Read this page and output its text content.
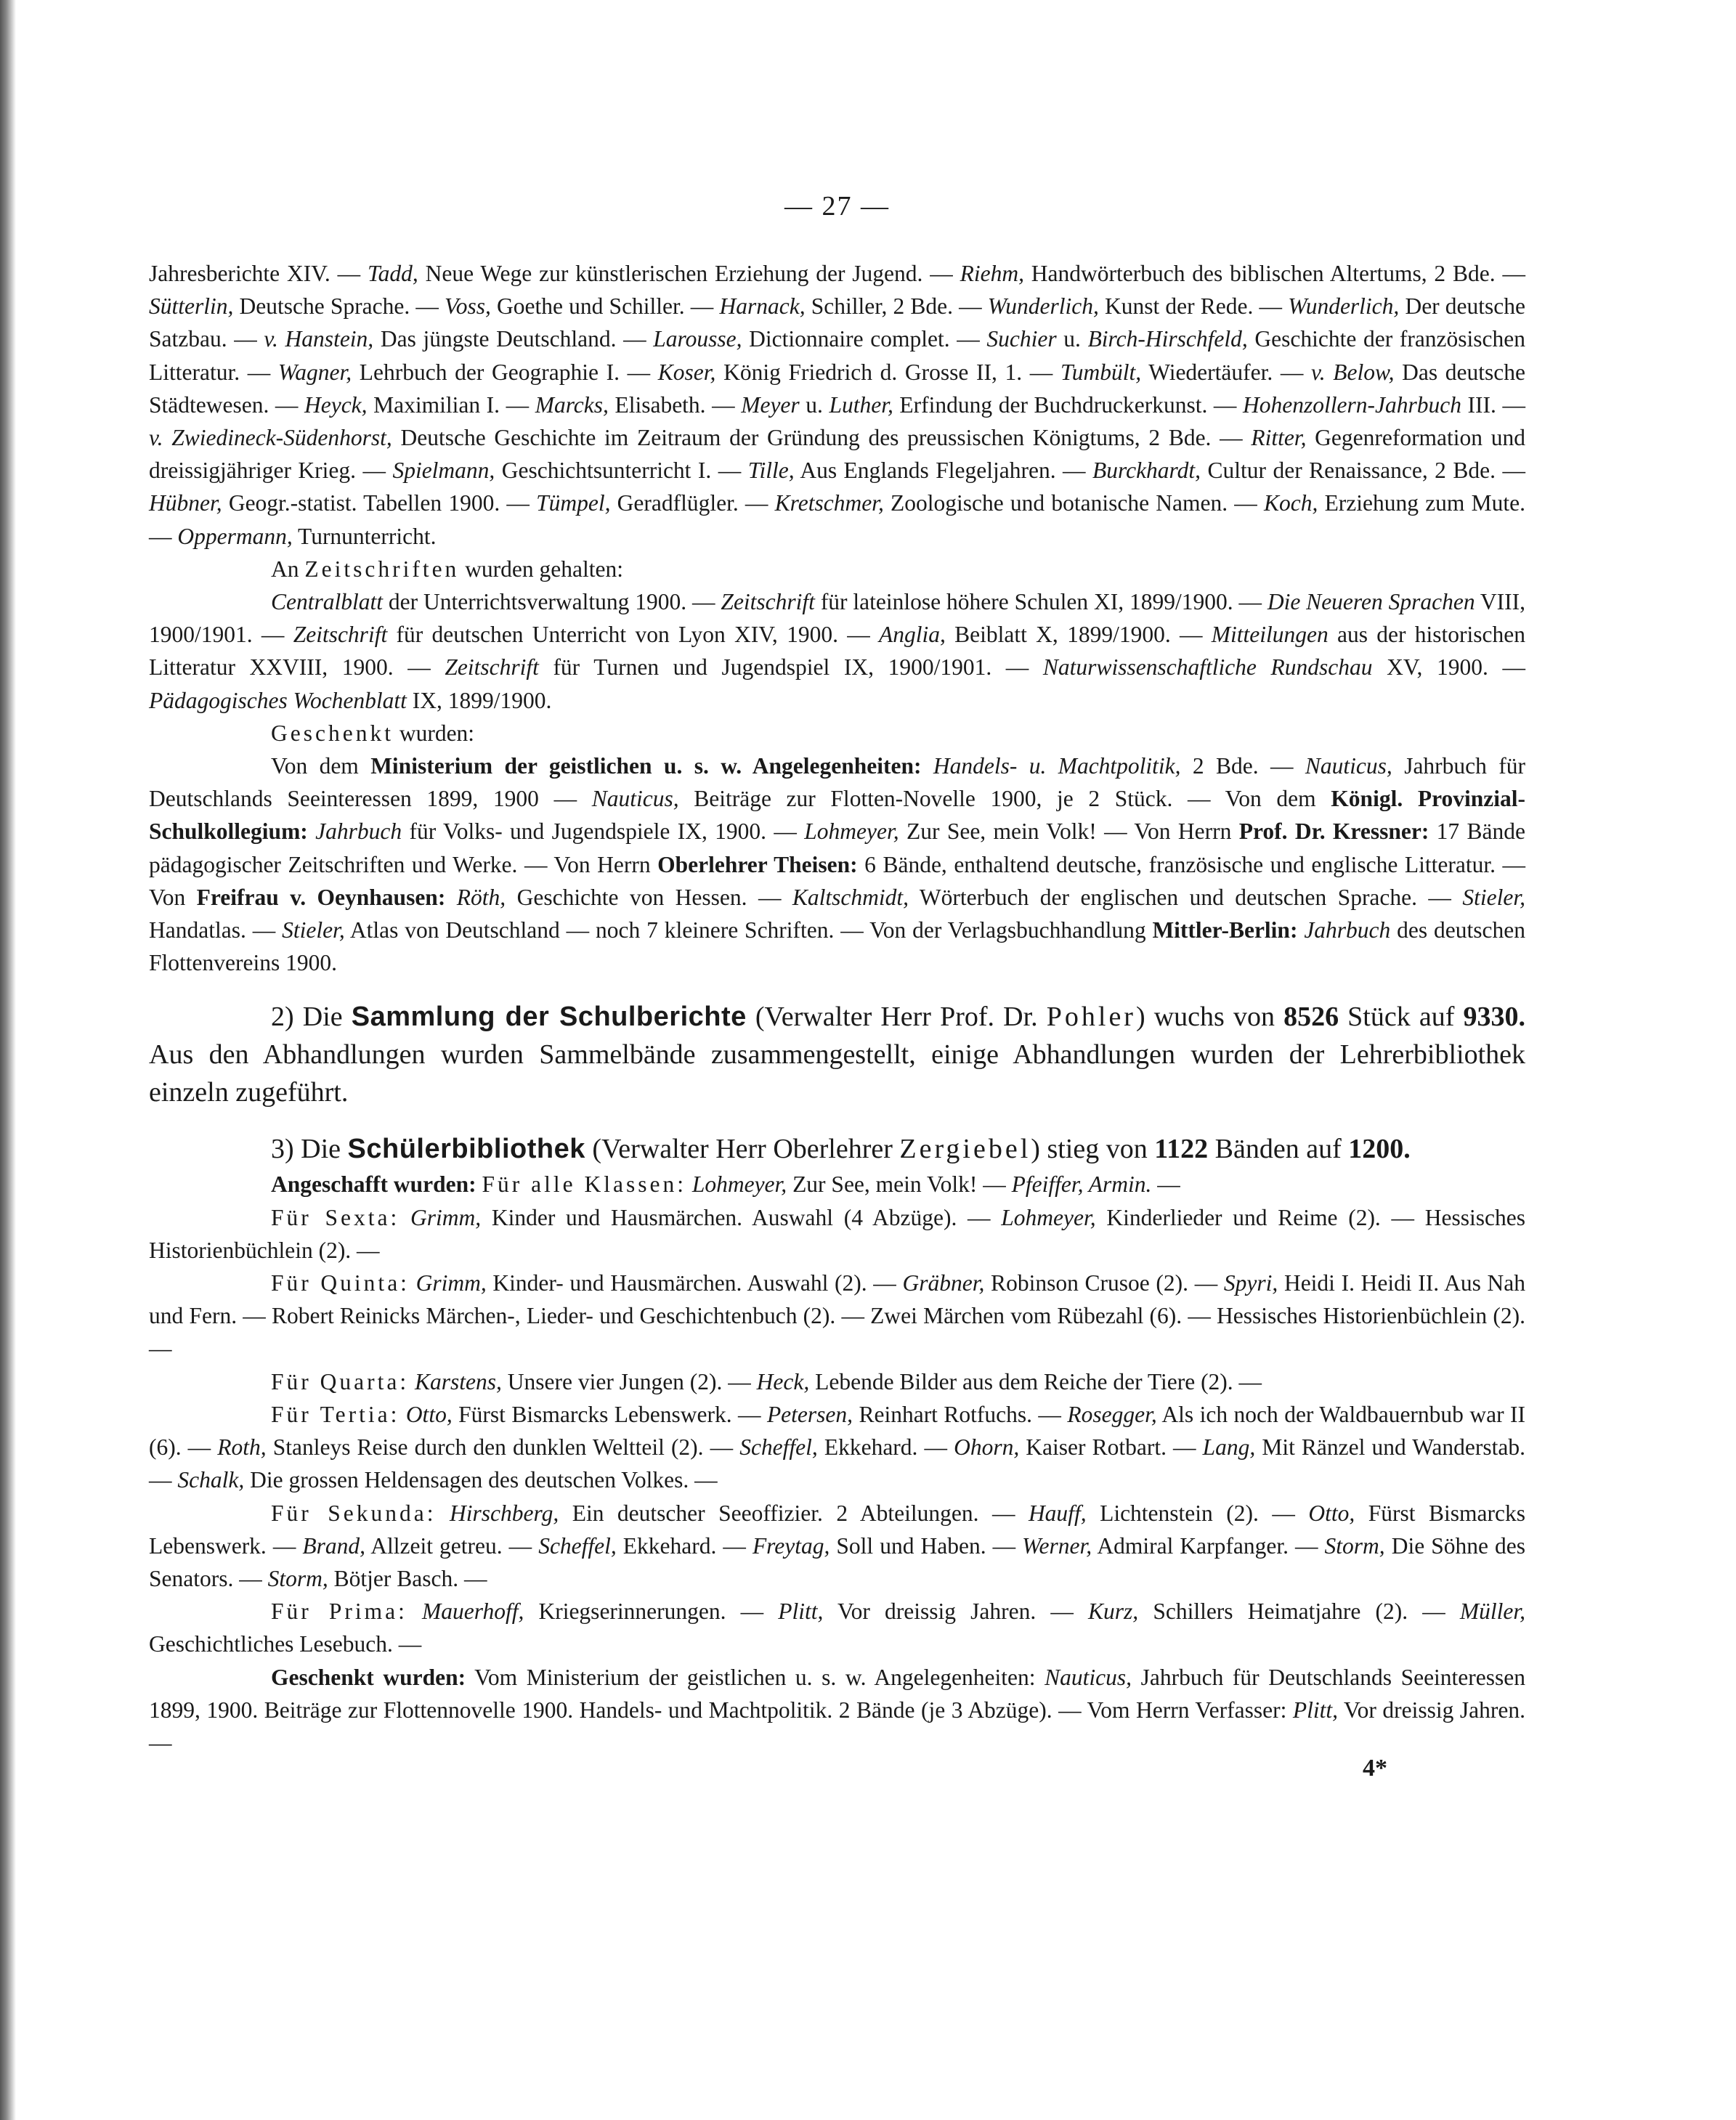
— 27 —

Jahresberichte XIV. — Tadd, Neue Wege zur künstlerischen Erziehung der Jugend. — Riehm, Handwörterbuch des biblischen Altertums, 2 Bde. — Sütterlin, Deutsche Sprache. — Voss, Goethe und Schiller. — Harnack, Schiller, 2 Bde. — Wunderlich, Kunst der Rede. — Wunderlich, Der deutsche Satzbau. — v. Hanstein, Das jüngste Deutschland. — Larousse, Dictionnaire complet. — Suchier u. Birch-Hirschfeld, Geschichte der französischen Litteratur. — Wagner, Lehrbuch der Geographie I. — Koser, König Friedrich d. Grosse II, 1. — Tumbült, Wiedertäufer. — v. Below, Das deutsche Städtewesen. — Heyck, Maximilian I. — Marcks, Elisabeth. — Meyer u. Luther, Erfindung der Buchdruckerkunst. — Hohenzollern-Jahrbuch III. — v. Zwiedineck-Südenhorst, Deutsche Geschichte im Zeitraum der Gründung des preussischen Königtums, 2 Bde. — Ritter, Gegenreformation und dreissigjähriger Krieg. — Spielmann, Geschichtsunterricht I. — Tille, Aus Englands Flegeljahren. — Burckhardt, Cultur der Renaissance, 2 Bde. — Hübner, Geogr.-statist. Tabellen 1900. — Tümpel, Geradflügler. — Kretschmer, Zoologische und botanische Namen. — Koch, Erziehung zum Mute. — Oppermann, Turnunterricht.

An Zeitschriften wurden gehalten:

Centralblatt der Unterrichtsverwaltung 1900. — Zeitschrift für lateinlose höhere Schulen XI, 1899/1900. — Die Neueren Sprachen VIII, 1900/1901. — Zeitschrift für deutschen Unterricht von Lyon XIV, 1900. — Anglia, Beiblatt X, 1899/1900. — Mitteilungen aus der historischen Litteratur XXVIII, 1900. — Zeitschrift für Turnen und Jugendspiel IX, 1900/1901. — Naturwissenschaftliche Rundschau XV, 1900. — Pädagogisches Wochenblatt IX, 1899/1900.

Geschenkt wurden:

Von dem Ministerium der geistlichen u. s. w. Angelegenheiten: Handels- u. Machtpolitik, 2 Bde. — Nauticus, Jahrbuch für Deutschlands Seeinteressen 1899, 1900 — Nauticus, Beiträge zur Flotten-Novelle 1900, je 2 Stück. — Von dem Königl. Provinzial-Schulkollegium: Jahrbuch für Volks- und Jugendspiele IX, 1900. — Lohmeyer, Zur See, mein Volk! — Von Herrn Prof. Dr. Kressner: 17 Bände pädagogischer Zeitschriften und Werke. — Von Herrn Oberlehrer Theisen: 6 Bände, enthaltend deutsche, französische und englische Litteratur. — Von Freifrau v. Oeynhausen: Röth, Geschichte von Hessen. — Kaltschmidt, Wörterbuch der englischen und deutschen Sprache. — Stieler, Handatlas. — Stieler, Atlas von Deutschland — noch 7 kleinere Schriften. — Von der Verlagsbuchhandlung Mittler-Berlin: Jahrbuch des deutschen Flottenvereins 1900.

2) Die Sammlung der Schulberichte (Verwalter Herr Prof. Dr. Pohler) wuchs von 8526 Stück auf 9330. Aus den Abhandlungen wurden Sammelbände zusammengestellt, einige Abhandlungen wurden der Lehrerbibliothek einzeln zugeführt.

3) Die Schülerbibliothek (Verwalter Herr Oberlehrer Zergiebel) stieg von 1122 Bänden auf 1200.

Angeschafft wurden: Für alle Klassen: Lohmeyer, Zur See, mein Volk! — Pfeiffer, Armin. —

Für Sexta: Grimm, Kinder und Hausmärchen. Auswahl (4 Abzüge). — Lohmeyer, Kinderlieder und Reime (2). — Hessisches Historienbüchlein (2). —

Für Quinta: Grimm, Kinder- und Hausmärchen. Auswahl (2). — Gräbner, Robinson Crusoe (2). — Spyri, Heidi I. Heidi II. Aus Nah und Fern. — Robert Reinicks Märchen-, Lieder- und Geschichtenbuch (2). — Zwei Märchen vom Rübezahl (6). — Hessisches Historienbüchlein (2). —

Für Quarta: Karstens, Unsere vier Jungen (2). — Heck, Lebende Bilder aus dem Reiche der Tiere (2). —

Für Tertia: Otto, Fürst Bismarcks Lebenswerk. — Petersen, Reinhart Rotfuchs. — Rosegger, Als ich noch der Waldbauernbub war II (6). — Roth, Stanleys Reise durch den dunklen Weltteil (2). — Scheffel, Ekkehard. — Ohorn, Kaiser Rotbart. — Lang, Mit Ränzel und Wanderstab. — Schalk, Die grossen Heldensagen des deutschen Volkes. —

Für Sekunda: Hirschberg, Ein deutscher Seeoffizier. 2 Abteilungen. — Hauff, Lichtenstein (2). — Otto, Fürst Bismarcks Lebenswerk. — Brand, Allzeit getreu. — Scheffel, Ekkehard. — Freytag, Soll und Haben. — Werner, Admiral Karpfanger. — Storm, Die Söhne des Senators. — Storm, Bötjer Basch. —

Für Prima: Mauerhoff, Kriegserinnerungen. — Plitt, Vor dreissig Jahren. — Kurz, Schillers Heimatjahre (2). — Müller, Geschichtliches Lesebuch. —

Geschenkt wurden: Vom Ministerium der geistlichen u. s. w. Angelegenheiten: Nauticus, Jahrbuch für Deutschlands Seeinteressen 1899, 1900. Beiträge zur Flottennovelle 1900. Handels- und Machtpolitik. 2 Bände (je 3 Abzüge). — Vom Herrn Verfasser: Plitt, Vor dreissig Jahren. —

4*
